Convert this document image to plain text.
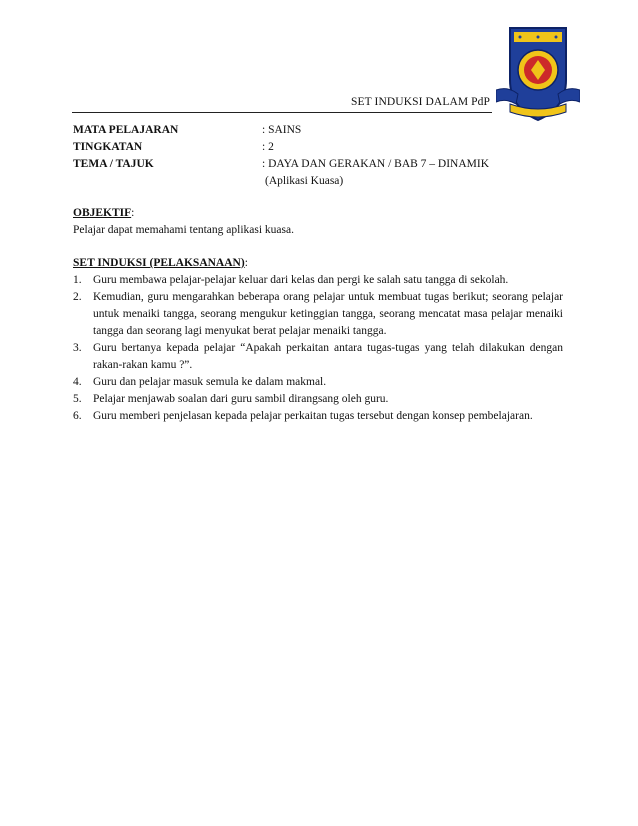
SET INDUKSI DALAM PdP
MATA PELAJARAN	: SAINS
TINGKATAN	: 2
TEMA / TAJUK	: DAYA DAN GERAKAN / BAB 7 – DINAMIK
(Aplikasi Kuasa)
OBJEKTIF:
Pelajar dapat memahami tentang aplikasi kuasa.
SET INDUKSI (PELAKSANAAN):
1. Guru membawa pelajar-pelajar keluar dari kelas dan pergi ke salah satu tangga di sekolah.
2. Kemudian, guru mengarahkan beberapa orang pelajar untuk membuat tugas berikut; seorang pelajar untuk menaiki tangga, seorang mengukur ketinggian tangga, seorang mencatat masa pelajar menaiki tangga dan seorang lagi menyukat berat pelajar menaiki tangga.
3. Guru bertanya kepada pelajar “Apakah perkaitan antara tugas-tugas yang telah dilakukan dengan rakan-rakan kamu ?”.
4. Guru dan pelajar masuk semula ke dalam makmal.
5. Pelajar menjawab soalan dari guru sambil dirangsang oleh guru.
6. Guru memberi penjelasan kepada pelajar perkaitan tugas tersebut dengan konsep pembelajaran.
